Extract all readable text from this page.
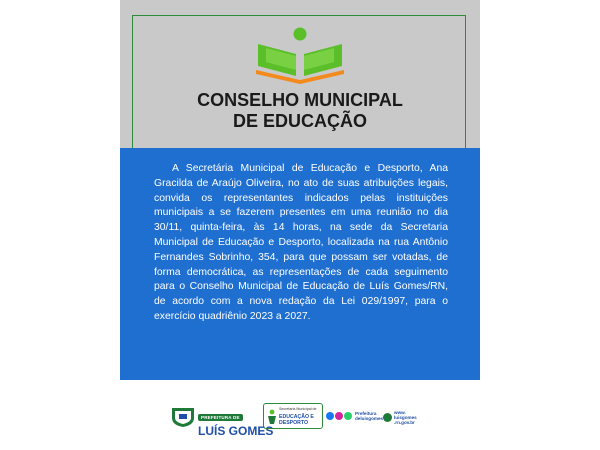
CONSELHO MUNICIPAL
DE EDUCAÇÃO
A Secretária Municipal de Educação e Desporto, Ana Gracilda de Araújo Oliveira, no ato de suas atribuições legais, convida os representantes indicados pelas instituições municipais a se fazerem presentes em uma reunião no dia 30/11, quinta-feira, às 14 horas, na sede da Secretaria Municipal de Educação e Desporto, localizada na rua Antônio Fernandes Sobrinho, 354, para que possam ser votadas, de forma democrática, as representações de cada seguimento para o Conselho Municipal de Educação de Luís Gomes/RN, de acordo com a nova redação da Lei 029/1997, para o exercício quadriênio 2023 a 2027.
PREFEITURA DE
LUÍS GOMES
Secretaria Municipal de
EDUCAÇÃO E
DESPORTO
Prefeitura
deluisgomes
www.
luisgomes
.rn.gov.br
